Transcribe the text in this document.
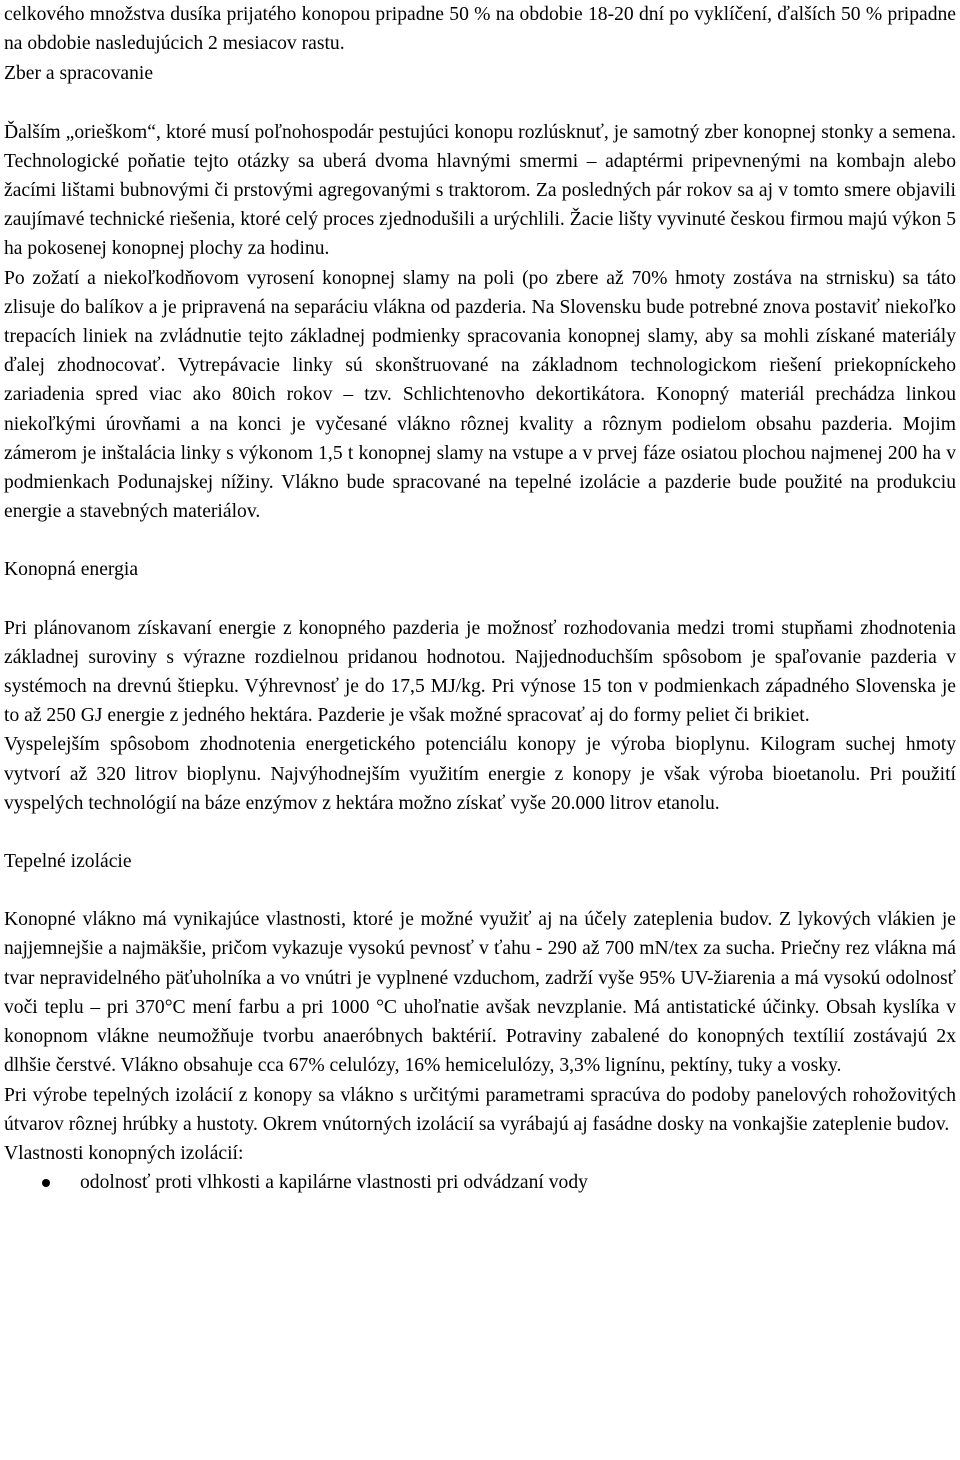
celkového množstva dusíka prijatého konopou pripadne 50 % na obdobie 18-20 dní po vyklíčení, ďalších 50 % pripadne na obdobie nasledujúcich 2 mesiacov rastu.

Zber a spracovanie

Ďalším „orieškom“, ktoré musí poľnohospodár pestujúci konopu rozlúsknuť, je samotný zber konopnej stonky a semena. Technologické poňatie tejto otázky sa uberá dvoma hlavnými smermi – adaptérmi pripevnenými na kombajn alebo žacími lištami bubnovými či prstovými agregovanými s traktorom. Za posledných pár rokov sa aj v tomto smere objavili zaujímavé technické riešenia, ktoré celý proces zjednodušili a urýchlili. Žacie lišty vyvinuté českou firmou majú výkon 5 ha pokosenej konopnej plochy za hodinu.

Po zožatí a niekoľkodňovom vyrosení konopnej slamy na poli (po zbere až 70% hmoty zostáva na strnisku) sa táto zlisuje do balíkov a je pripravená na separáciu vlákna od pazderia. Na Slovensku bude potrebné znova postaviť niekoľko trepacích liniek na zvládnutie tejto základnej podmienky spracovania konopnej slamy, aby sa mohli získané materiály ďalej zhodnocovať. Vytrepávacie linky sú skonštruované na základnom technologickom riešení priekopníckeho zariadenia spred viac ako 80ich rokov – tzv. Schlichtenovho dekortikátora. Konopný materiál prechádza linkou niekoľkými úrovňami a na konci je vyčesané vlákno rôznej kvality a rôznym podielom obsahu pazderia. Mojim zámerom je inštalácia linky s výkonom 1,5 t konopnej slamy na vstupe a v prvej fáze osiatou plochou najmenej 200 ha v podmienkach Podunajskej nížiny. Vlákno bude spracované na tepelné izolácie a pazderie bude použité na produkciu energie a stavebných materiálov.

Konopná energia

Pri plánovanom získavaní energie z konopného pazderia je možnosť rozhodovania medzi tromi stupňami zhodnotenia základnej suroviny s výrazne rozdielnou pridanou hodnotou. Najjednoduchším spôsobom je spaľovanie pazderia v systémoch na drevnú štiepku. Výhrevnosť je do 17,5 MJ/kg. Pri výnose 15 ton v podmienkach západného Slovenska je to až 250 GJ energie z jedného hektára. Pazderie je však možné spracovať aj do formy peliet či brikiet.

Vyspelejším spôsobom zhodnotenia energetického potenciálu konopy je výroba bioplynu. Kilogram suchej hmoty vytvorí až 320 litrov bioplynu. Najvýhodnejším využitím energie z konopy je však výroba bioetanolu. Pri použití vyspelých technológií na báze enzýmov z hektára možno získať vyše 20.000 litrov etanolu.

Tepelné izolácie

Konopné vlákno má vynikajúce vlastnosti, ktoré je možné využiť aj na účely zateplenia budov. Z lykových vlákien je najjemnejšie a najmäkšie, pričom vykazuje vysokú pevnosť v ťahu - 290 až 700 mN/tex za sucha. Priečny rez vlákna má tvar nepravidelného päťuholníka a vo vnútri je vyplnené vzduchom, zadrží vyše 95% UV-žiarenia a má vysokú odolnosť voči teplu – pri 370°C mení farbu a pri 1000 °C uhoľnatie avšak nevzplanie. Má antistatické účinky. Obsah kyslíka v konopnom vlákne neumožňuje tvorbu anaeróbnych baktérií. Potraviny zabalené do konopných textílií zostávajú 2x dlhšie čerstvé. Vlákno obsahuje cca 67% celulózy, 16% hemicelulózy, 3,3% lignínu, pektíny, tuky a vosky.

Pri výrobe tepelných izolácií z konopy sa vlákno s určitými parametrami spracúva do podoby panelových rohožovitých útvarov rôznej hrúbky a hustoty. Okrem vnútorných izolácií sa vyrábajú aj fasádne dosky na vonkajšie zateplenie budov.

Vlastnosti konopných izolácií:

odolnosť proti vlhkosti a kapilárne vlastnosti pri odvádzaní vody
